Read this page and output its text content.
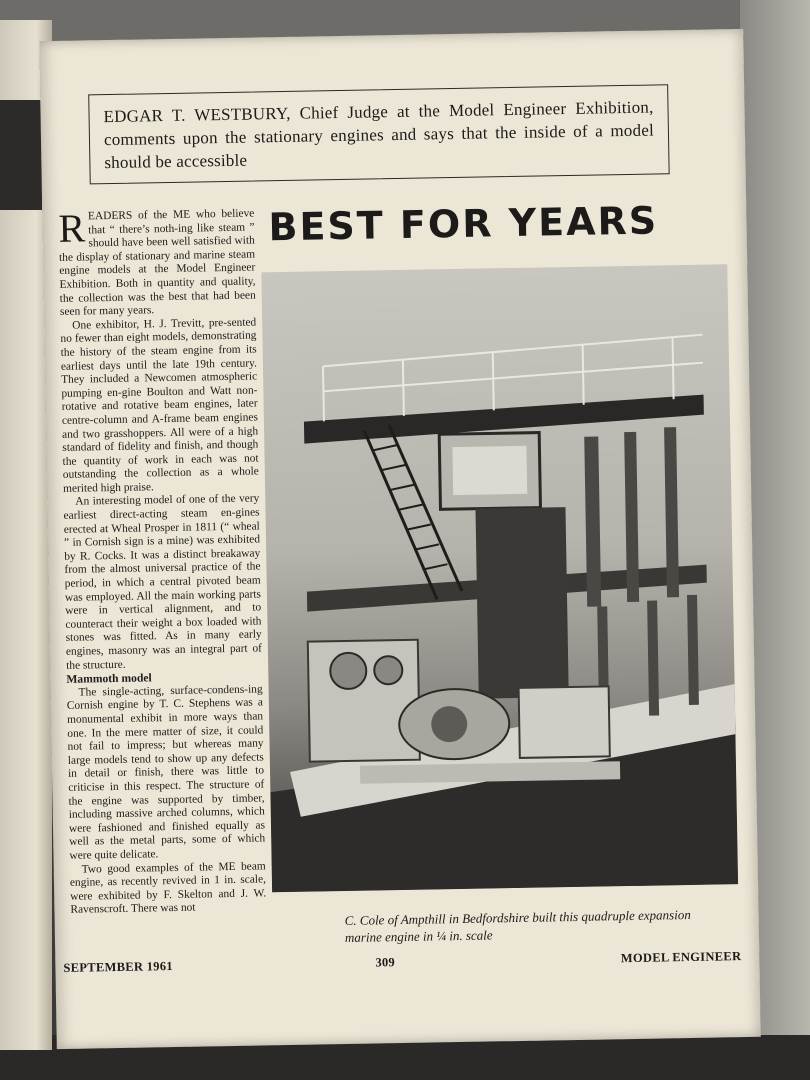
EDGAR T. WESTBURY, Chief Judge at the Model Engineer Exhibition, comments upon the stationary engines and says that the inside of a model should be accessible

BEST FOR YEARS

READERS of the ME who believe that “ there’s noth-ing like steam ” should have been well satisfied with the display of stationary and marine steam engine models at the Model Engineer Exhibition. Both in quantity and quality, the collection was the best that had been seen for many years.

One exhibitor, H. J. Trevitt, pre-sented no fewer than eight models, demonstrating the history of the steam engine from its earliest days until the late 19th century. They included a Newcomen atmospheric pumping en-gine Boulton and Watt non-rotative and rotative beam engines, later centre-column and A-frame beam engines and two grasshoppers. All were of a high standard of fidelity and finish, and though the quantity of work in each was not outstanding the collection as a whole merited high praise.

An interesting model of one of the very earliest direct-acting steam en-gines erected at Wheal Prosper in 1811 (“ wheal ” in Cornish sign is a mine) was exhibited by R. Cocks. It was a distinct breakaway from the almost universal practice of the period, in which a central pivoted beam was employed. All the main working parts were in vertical alignment, and to counteract their weight a box loaded with stones was fitted. As in many early engines, masonry was an integral part of the structure.

Mammoth model

The single-acting, surface-condens-ing Cornish engine by T. C. Stephens was a monumental exhibit in more ways than one. In the mere matter of size, it could not fail to impress; but whereas many large models tend to show up any defects in detail or finish, there was little to criticise in this respect. The structure of the engine was supported by timber, including massive arched columns, which were fashioned and finished equally as well as the metal parts, some of which were quite delicate.

Two good examples of the ME beam engine, as recently revived in 1 in. scale, were exhibited by F. Skelton and J. W. Ravenscroft. There was not	C. Cole of Ampthill in Bedfordshire built this quadruple expansion marine engine in ¼ in. scale
SEPTEMBER 1961	309	MODEL ENGINEER
